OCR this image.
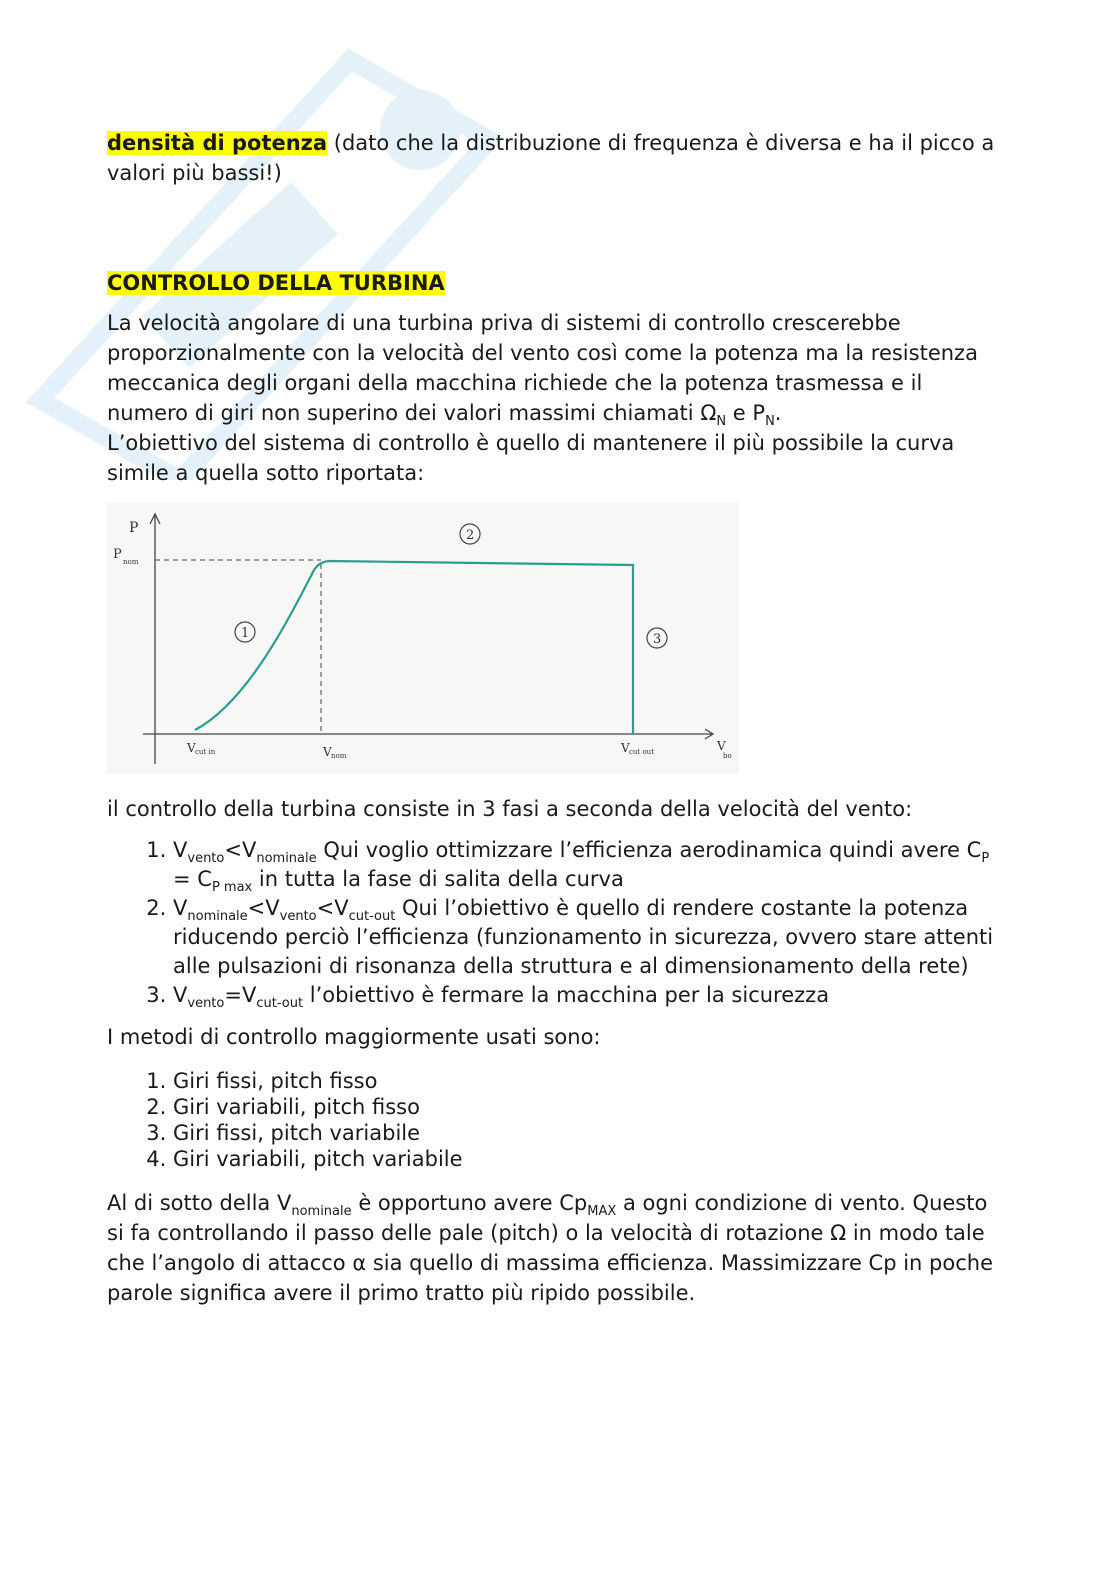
densità di potenza (dato che la distribuzione di frequenza è diversa e ha il picco a valori più bassi!)

CONTROLLO DELLA TURBINA

La velocità angolare di una turbina priva di sistemi di controllo crescerebbe proporzionalmente con la velocità del vento così come la potenza ma la resistenza meccanica degli organi della macchina richiede che la potenza trasmessa e il numero di giri non superino dei valori massimi chiamati $\Omega_N$ e $P_N$.

L’obiettivo del sistema di controllo è quello di mantenere il più possibile la curva simile a quella sotto riportata:

P
P nom
V
bo
V cut in	V nom
V cut out
1
2
3

il controllo della turbina consiste in 3 fasi a seconda della velocità del vento:

1. $V_{vento}<V_{nominale}$ Qui voglio ottimizzare l’efficienza aerodinamica quindi avere $C_P = C_{P max}$ in tutta la fase di salita della curva
2. $V_{nominale}<V_{vento}<V_{cut-out}$ Qui l’obiettivo è quello di rendere costante la potenza riducendo perciò l’efficienza (funzionamento in sicurezza, ovvero stare attenti alle pulsazioni di risonanza della struttura e al dimensionamento della rete)
3. $V_{vento}=V_{cut-out}$ l’obiettivo è fermare la macchina per la sicurezza

I metodi di controllo maggiormente usati sono:

1. Giri fissi, pitch fisso
2. Giri variabili, pitch fisso
3. Giri fissi, pitch variabile
4. Giri variabili, pitch variabile

Al di sotto della $V_{nominale}$ è opportuno avere $Cp_{MAX}$ a ogni condizione di vento. Questo si fa controllando il passo delle pale (pitch) o la velocità di rotazione Ω in modo tale che l’angolo di attacco α sia quello di massima efficienza. Massimizzare Cp in poche parole significa avere il primo tratto più ripido possibile.
